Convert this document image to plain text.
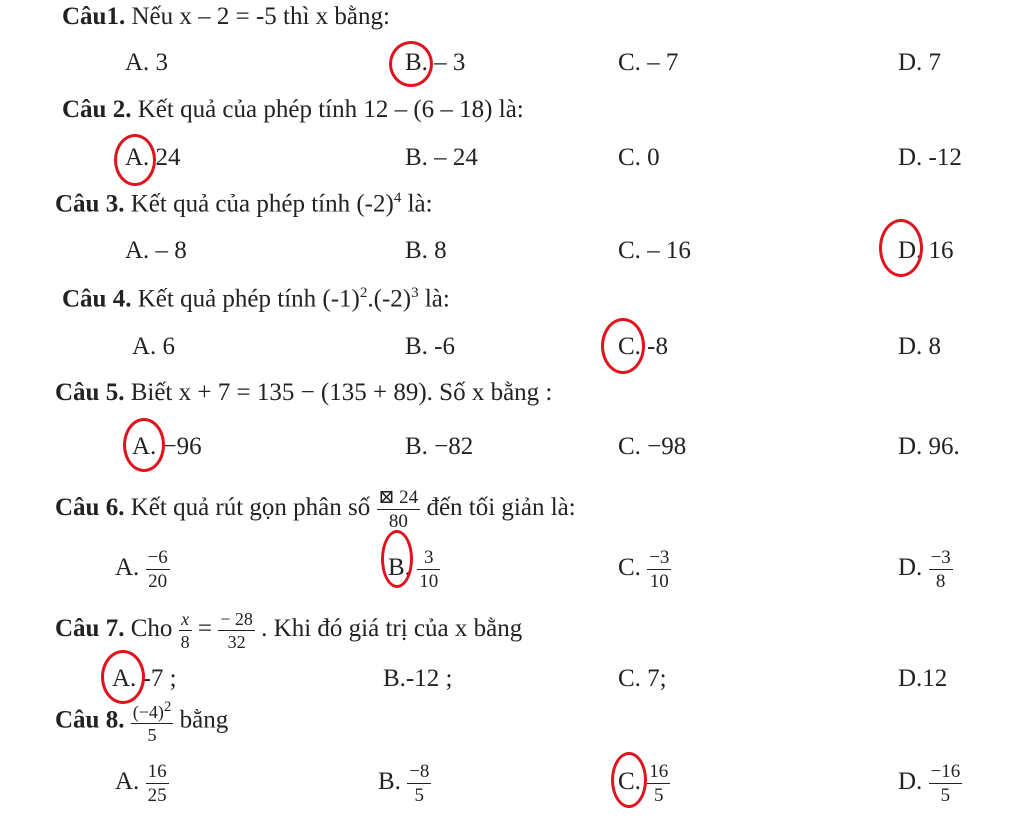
Câu1. Nếu x – 2 = -5 thì x bằng:
A. 3	B. – 3	C. – 7	D. 7
Câu 2. Kết quả của phép tính 12 – (6 – 18) là:
A. 24	B. – 24	C. 0	D. -12
Câu 3. Kết quả của phép tính $(-2)^4$ là:
A. – 8	B. 8	C. – 16	D. 16
Câu 4. Kết quả phép tính $(-1)^2.(-2)^3$ là:
A. 6	B. -6	C. -8	D. 8
Câu 5. Biết x + 7 = 135 − (135 + 89). Số x bằng :
A. −96	B. −82	C. −98	D. 96.
Câu 6. Kết quả rút gọn phân số $\frac{⊠ 24}{80}$ đến tối giản là:
A. $\frac{-6}{20}$	B. $\frac{3}{10}$	C. $\frac{-3}{10}$	D. $\frac{-3}{8}$
Câu 7. Cho $\frac{x}{8} = \frac{- 28}{32}$ . Khi đó giá trị của x bằng
A. -7 ;	B.-12 ;	C. 7;	D.12
Câu 8. $\frac{(-4)^2}{5}$ bằng
A. $\frac{16}{25}$	B. $\frac{-8}{5}$	C. $\frac{16}{5}$	D. $\frac{-16}{5}$
